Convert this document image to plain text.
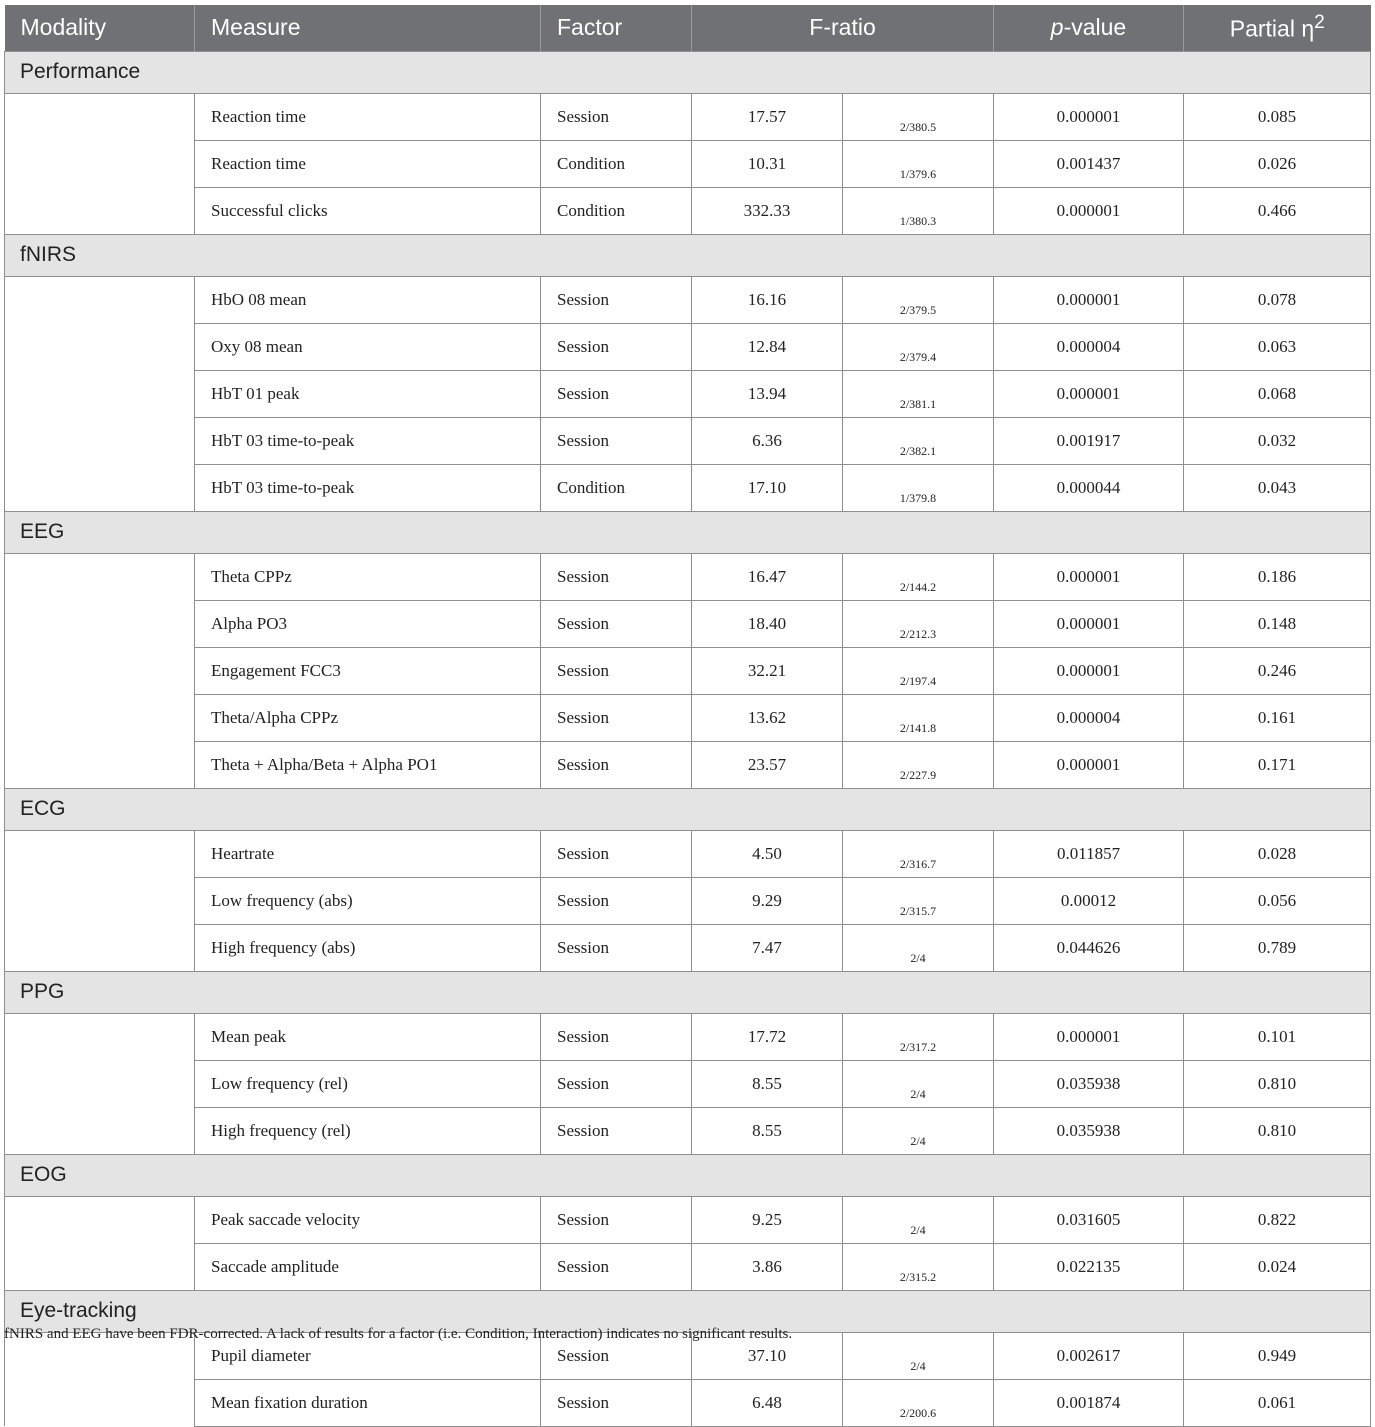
Modality	Measure	Factor	F-ratio		p-value	Partial $\eta^2$
Performance						
	Reaction time	Session	17.57	2/380.5	0.000001	0.085
	Reaction time	Condition	10.31	1/379.6	0.001437	0.026
	Successful clicks	Condition	332.33	1/380.3	0.000001	0.466
fNIRS						
	HbO 08 mean	Session	16.16	2/379.5	0.000001	0.078
	Oxy 08 mean	Session	12.84	2/379.4	0.000004	0.063
	HbT 01 peak	Session	13.94	2/381.1	0.000001	0.068
	HbT 03 time-to-peak	Session	6.36	2/382.1	0.001917	0.032
	HbT 03 time-to-peak	Condition	17.10	1/379.8	0.000044	0.043
EEG						
	Theta CPPz	Session	16.47	2/144.2	0.000001	0.186
	Alpha PO3	Session	18.40	2/212.3	0.000001	0.148
	Engagement FCC3	Session	32.21	2/197.4	0.000001	0.246
	Theta/Alpha CPPz	Session	13.62	2/141.8	0.000004	0.161
	Theta + Alpha/Beta + Alpha PO1	Session	23.57	2/227.9	0.000001	0.171
ECG						
	Heartrate	Session	4.50	2/316.7	0.011857	0.028
	Low frequency (abs)	Session	9.29	2/315.7	0.00012	0.056
	High frequency (abs)	Session	7.47	2/4	0.044626	0.789
PPG						
	Mean peak	Session	17.72	2/317.2	0.000001	0.101
	Low frequency (rel)	Session	8.55	2/4	0.035938	0.810
	High frequency (rel)	Session	8.55	2/4	0.035938	0.810
EOG						
	Peak saccade velocity	Session	9.25	2/4	0.031605	0.822
	Saccade amplitude	Session	3.86	2/315.2	0.022135	0.024
Eye-tracking						
	Pupil diameter	Session	37.10	2/4	0.002617	0.949
	Mean fixation duration	Session	6.48	2/200.6	0.001874	0.061
fNIRS and EEG have been FDR-corrected. A lack of results for a factor (i.e. Condition, Interaction) indicates no significant results.
